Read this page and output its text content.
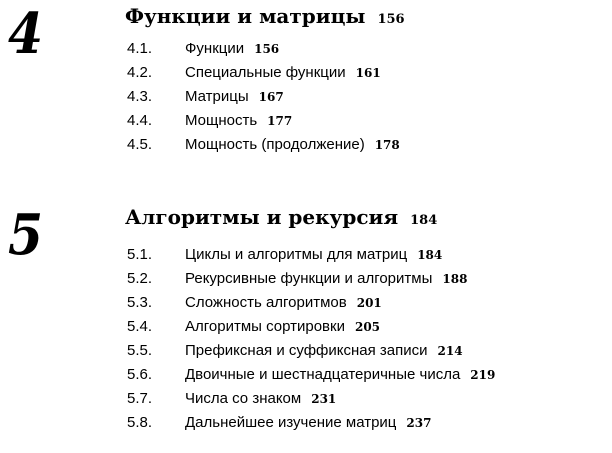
4	Функции и матрицы 156
4.1. Функции 156
4.2. Специальные функции 161
4.3. Матрицы 167
4.4. Мощность 177
4.5. Мощность (продолжение) 178
5	Алгоритмы и рекурсия 184
5.1. Циклы и алгоритмы для матриц 184
5.2. Рекурсивные функции и алгоритмы 188
5.3. Сложность алгоритмов 201
5.4. Алгоритмы сортировки 205
5.5. Префиксная и суффиксная записи 214
5.6. Двоичные и шестнадцатеричные числа 219
5.7. Числа со знаком 231
5.8. Дальнейшее изучение матриц 237
